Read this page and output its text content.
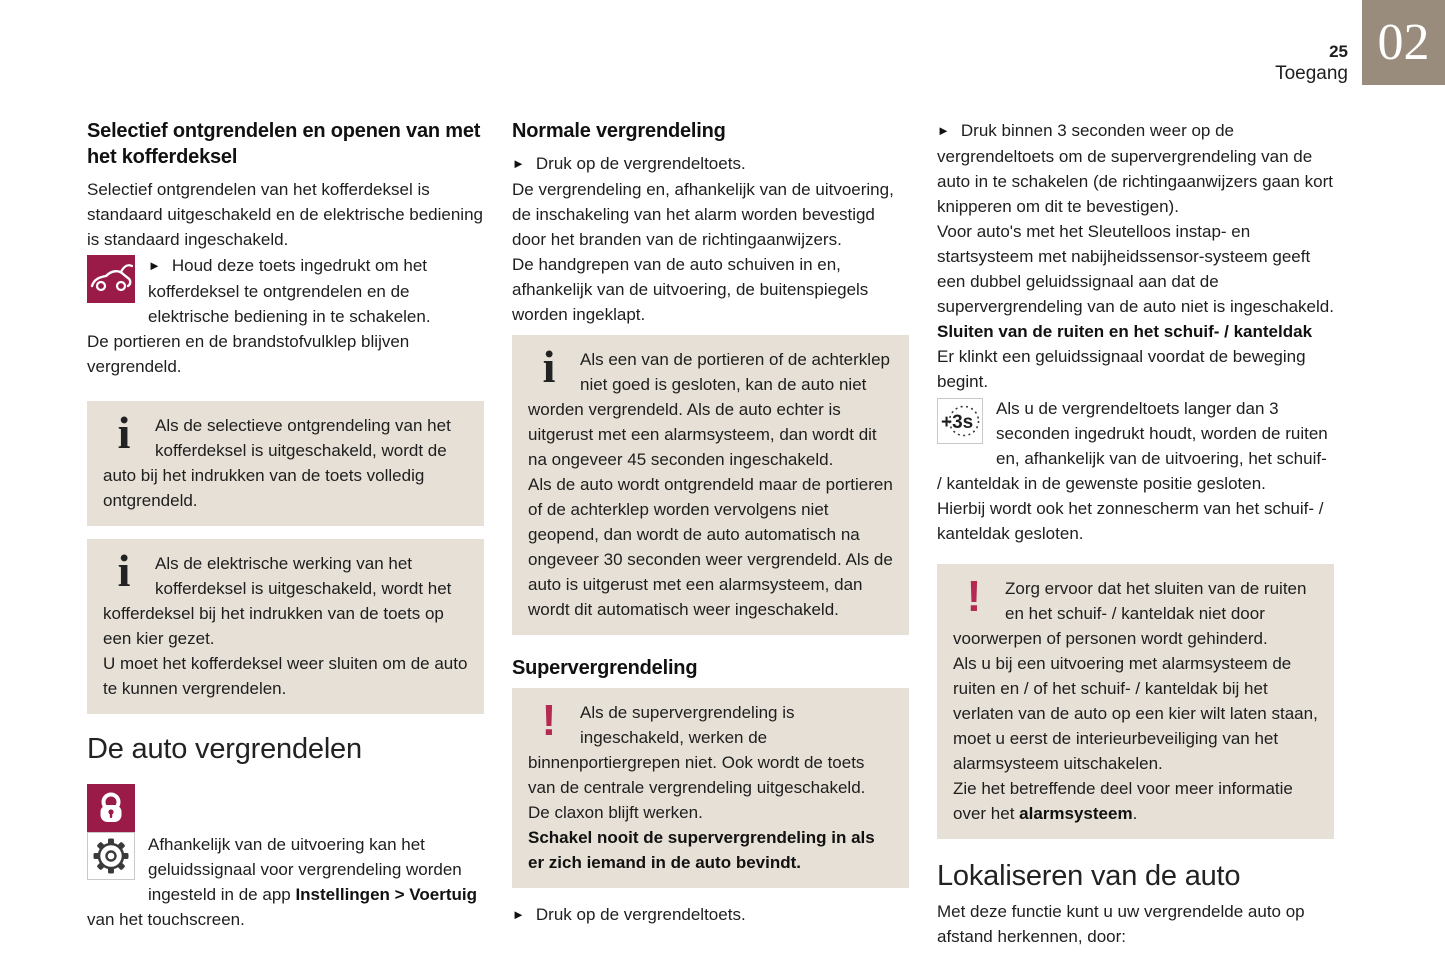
02
25
Toegang
Selectief ontgrendelen en openen van met het kofferdeksel

Selectief ontgrendelen van het kofferdeksel is standaard uitgeschakeld en de elektrische bediening is standaard ingeschakeld.

► Houd deze toets ingedrukt om het kofferdeksel te ontgrendelen en de elektrische bediening in te schakelen.

De portieren en de brandstofvulklep blijven vergrendeld.

i	Als de selectieve ontgrendeling van het kofferdeksel is uitgeschakeld, wordt de auto bij het indrukken van de toets volledig ontgrendeld.

i	Als de elektrische werking van het kofferdeksel is uitgeschakeld, wordt het kofferdeksel bij het indrukken van de toets op een kier gezet.

U moet het kofferdeksel weer sluiten om de auto te kunnen vergrendelen.

De auto vergrendelen

Afhankelijk van de uitvoering kan het geluidssignaal voor vergrendeling worden ingesteld in de app Instellingen > Voertuig van het touchscreen.

Normale vergrendeling

► Druk op de vergrendeltoets.

De vergrendeling en, afhankelijk van de uitvoering, de inschakeling van het alarm worden bevestigd door het branden van de richtingaanwijzers.

De handgrepen van de auto schuiven in en, afhankelijk van de uitvoering, de buitenspiegels worden ingeklapt.

i	Als een van de portieren of de achterklep niet goed is gesloten, kan de auto niet worden vergrendeld. Als de auto echter is uitgerust met een alarmsysteem, dan wordt dit na ongeveer 45 seconden ingeschakeld.

Als de auto wordt ontgrendeld maar de portieren of de achterklep worden vervolgens niet geopend, dan wordt de auto automatisch na ongeveer 30 seconden weer vergrendeld. Als de auto is uitgerust met een alarmsysteem, dan wordt dit automatisch weer ingeschakeld.

Supervergrendeling
!	Als de supervergrendeling is ingeschakeld, werken de binnenportiergrepen niet. Ook wordt de toets van de centrale vergrendeling uitgeschakeld.

De claxon blijft werken.

Schakel nooit de supervergrendeling in als er zich iemand in de auto bevindt.

► Druk op de vergrendeltoets.

► Druk binnen 3 seconden weer op de vergrendeltoets om de supervergrendeling van de auto in te schakelen (de richtingaanwijzers gaan kort knipperen om dit te bevestigen).

Voor auto's met het Sleutelloos instap- en startsysteem met nabijheidssensor-systeem geeft een dubbel geluidssignaal aan dat de supervergrendeling van de auto niet is ingeschakeld.

Sluiten van de ruiten en het schuif- / kanteldak

Er klinkt een geluidssignaal voordat de beweging begint.

+3s

Als u de vergrendeltoets langer dan 3 seconden ingedrukt houdt, worden de ruiten en, afhankelijk van de uitvoering, het schuif- / kanteldak in de gewenste positie gesloten.

Hierbij wordt ook het zonnescherm van het schuif- / kanteldak gesloten.

!	Zorg ervoor dat het sluiten van de ruiten en het schuif- / kanteldak niet door voorwerpen of personen wordt gehinderd.

Als u bij een uitvoering met alarmsysteem de ruiten en / of het schuif- / kanteldak bij het verlaten van de auto op een kier wilt laten staan, moet u eerst de interieurbeveiliging van het alarmsysteem uitschakelen.

Zie het betreffende deel voor meer informatie over het alarmsysteem.

Lokaliseren van de auto

Met deze functie kunt u uw vergrendelde auto op afstand herkennen, door:
